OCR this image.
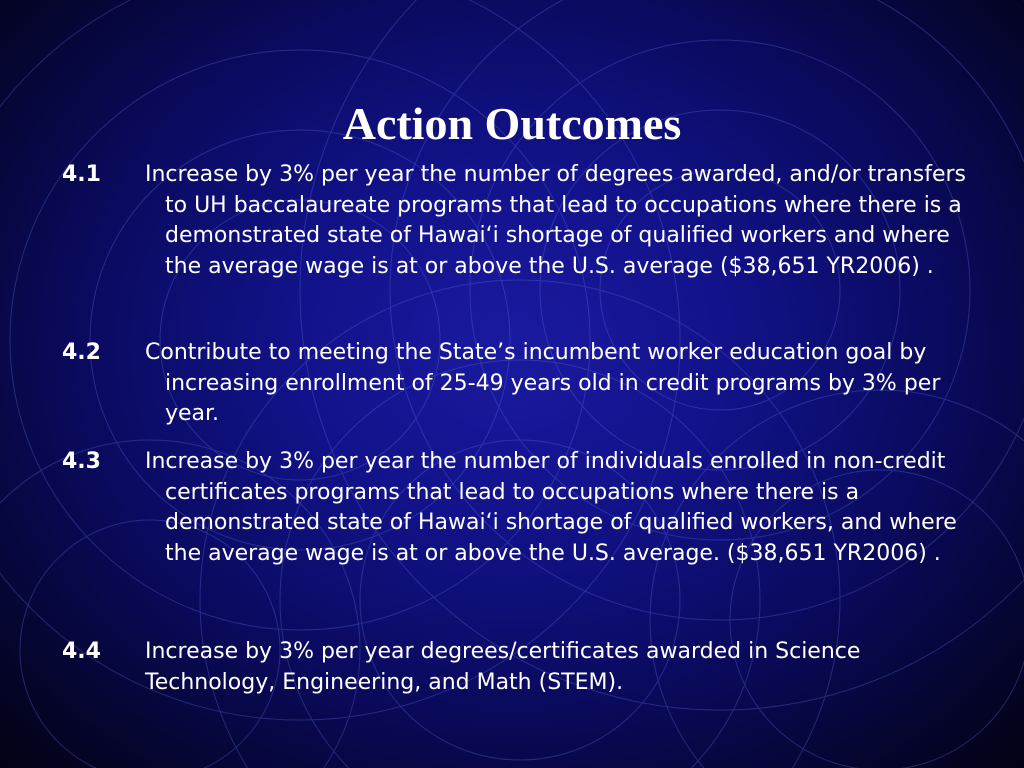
Action Outcomes
4.1 Increase by 3% per year the number of degrees awarded, and/or transfers to UH baccalaureate programs that lead to occupations where there is a demonstrated state of Hawai‘i shortage of qualified workers and where the average wage is at or above the U.S. average ($38,651 YR2006) .
4.2 Contribute to meeting the State’s incumbent worker education goal by increasing enrollment of 25-49 years old in credit programs by 3% per year.
4.3 Increase by 3% per year the number of individuals enrolled in non-credit certificates programs that lead to occupations where there is a demonstrated state of Hawai‘i shortage of qualified workers, and where the average wage is at or above the U.S. average. ($38,651 YR2006) .
4.4 Increase by 3% per year degrees/certificates awarded in Science Technology, Engineering, and Math (STEM).
